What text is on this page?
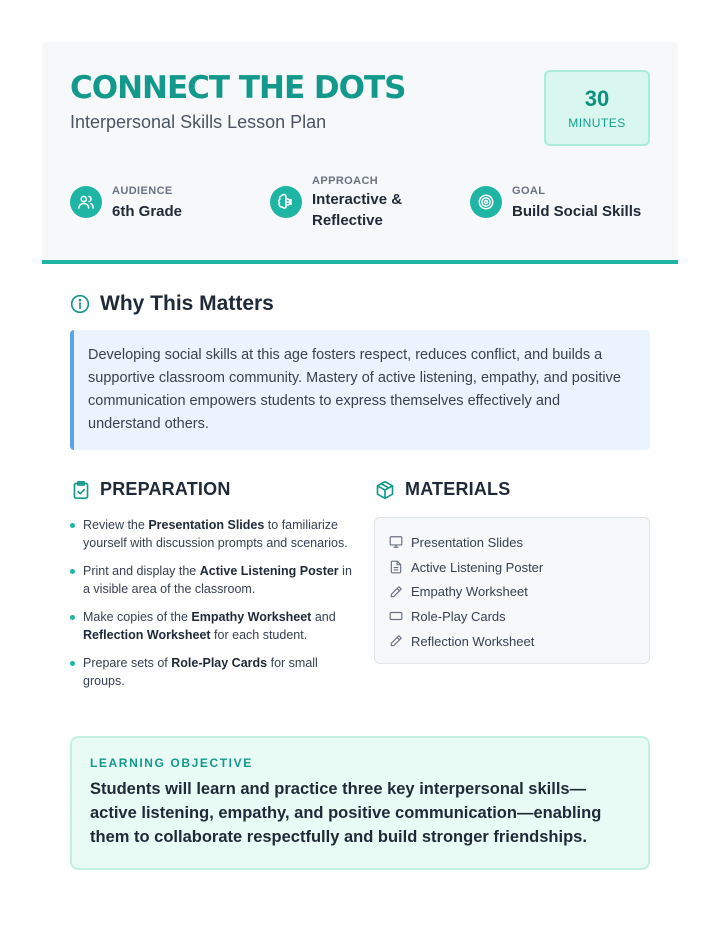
CONNECT THE DOTS
Interpersonal Skills Lesson Plan
30
MINUTES
AUDIENCE
6th Grade
APPROACH
Interactive &
Reflective
GOAL
Build Social Skills
Why This Matters

Developing social skills at this age fosters respect, reduces conflict, and builds a supportive classroom community. Mastery of active listening, empathy, and positive communication empowers students to express themselves effectively and understand others.

PREPARATION
Review the Presentation Slides to familiarize yourself with discussion prompts and scenarios.
Print and display the Active Listening Poster in a visible area of the classroom.
Make copies of the Empathy Worksheet and Reflection Worksheet for each student.
Prepare sets of Role-Play Cards for small groups.
MATERIALS
Presentation Slides
Active Listening Poster
Empathy Worksheet
Role-Play Cards
Reflection Worksheet
LEARNING OBJECTIVE
Students will learn and practice three key interpersonal skills—active listening, empathy, and positive communication—enabling them to collaborate respectfully and build stronger friendships.
